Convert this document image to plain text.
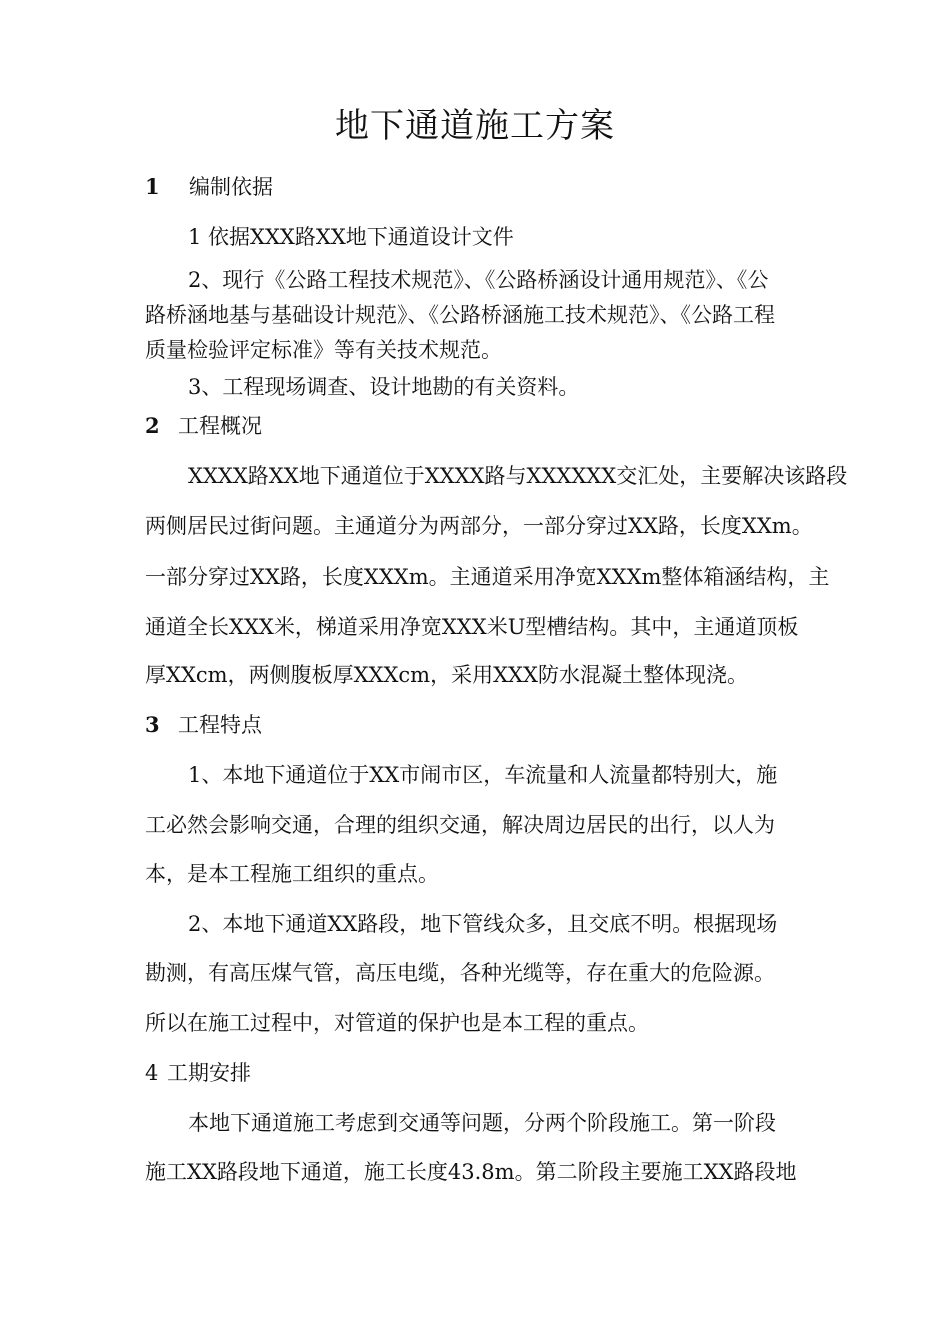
地下通道施工方案
1 编制依据
1 依据XXX路XX地下通道设计文件
2、现行《公路工程技术规范》、《公路桥涵设计通用规范》、《公
路桥涵地基与基础设计规范》、《公路桥涵施工技术规范》、《公路工程
质量检验评定标准》等有关技术规范。
3、工程现场调查、设计地勘的有关资料。
2 工程概况
XXXX路XX地下通道位于XXXX路与XXXXXX交汇处，主要解决该路段
两侧居民过街问题。主通道分为两部分，一部分穿过XX路，长度XXm。
一部分穿过XX路，长度XXXm。主通道采用净宽XXXm整体箱涵结构，主
通道全长XXX米，梯道采用净宽XXX米U型槽结构。其中，主通道顶板
厚XXcm，两侧腹板厚XXXcm，采用XXX防水混凝土整体现浇。
3 工程特点
1、本地下通道位于XX市闹市区，车流量和人流量都特别大，施
工必然会影响交通，合理的组织交通，解决周边居民的出行，以人为
本，是本工程施工组织的重点。
2、本地下通道XX路段，地下管线众多，且交底不明。根据现场
勘测，有高压煤气管，高压电缆，各种光缆等，存在重大的危险源。
所以在施工过程中，对管道的保护也是本工程的重点。
4 工期安排
本地下通道施工考虑到交通等问题，分两个阶段施工。第一阶段
施工XX路段地下通道，施工长度43.8m。第二阶段主要施工XX路段地
